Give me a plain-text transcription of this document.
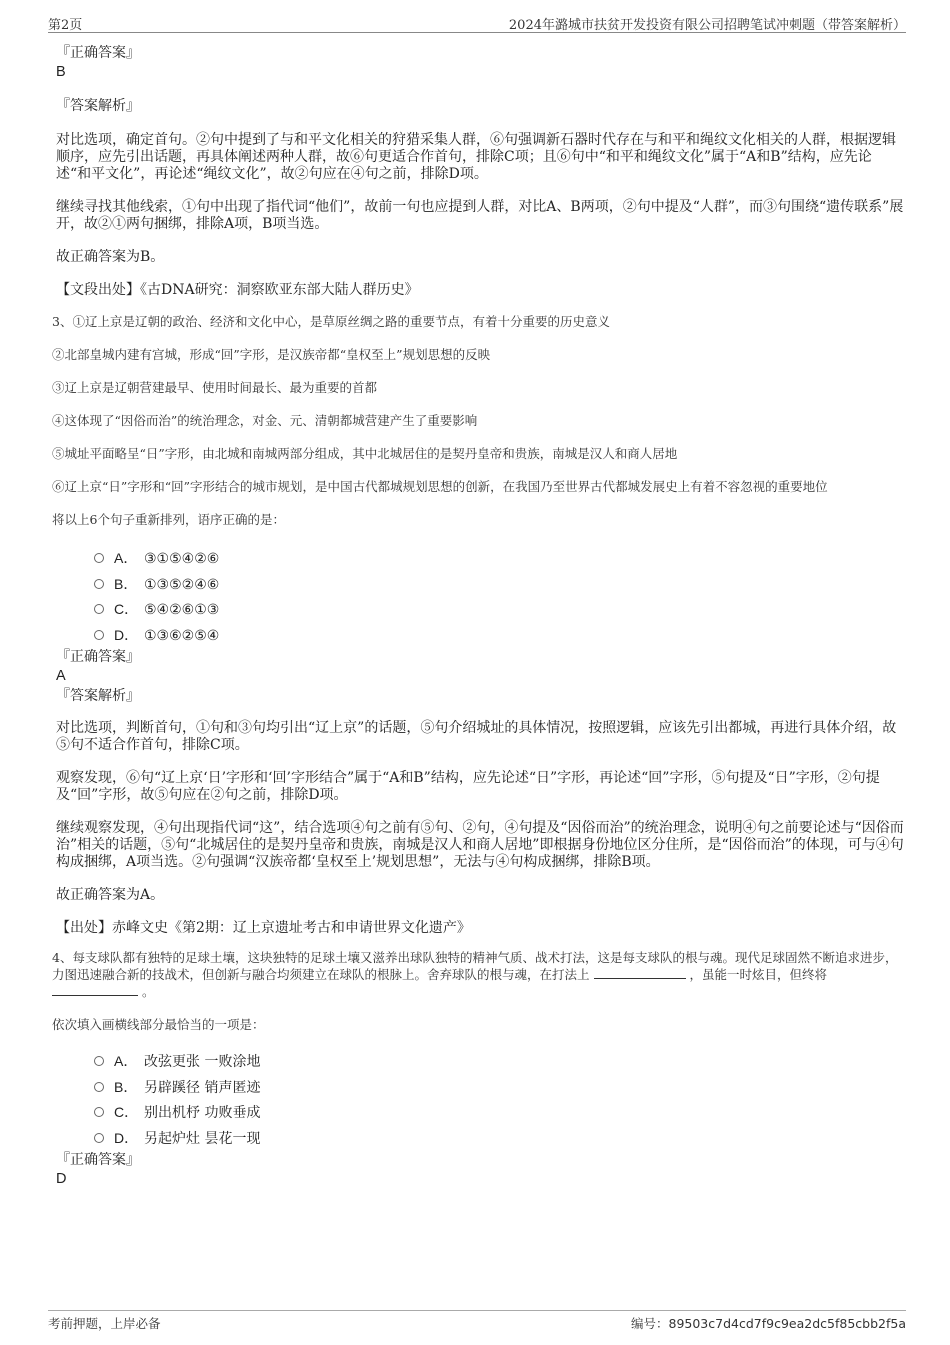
第2页	2024年潞城市扶贫开发投资有限公司招聘笔试冲刺题（带答案解析）

『正确答案』

B

『答案解析』

对比选项，确定首句。②句中提到了与和平文化相关的狩猎采集人群，⑥句强调新石器时代存在与和平和绳纹文化相关的人群，根据逻辑顺序，应先引出话题，再具体阐述两种人群，故⑥句更适合作首句，排除C项；且⑥句中“和平和绳纹文化”属于“A和B”结构，应先论述“和平文化”，再论述“绳纹文化”，故②句应在④句之前，排除D项。

继续寻找其他线索，①句中出现了指代词“他们”，故前一句也应提到人群，对比A、B两项，②句中提及“人群”，而③句围绕“遗传联系”展开，故②①两句捆绑，排除A项，B项当选。

故正确答案为B。

【文段出处】《古DNA研究：洞察欧亚东部大陆人群历史》

3、①辽上京是辽朝的政治、经济和文化中心，是草原丝绸之路的重要节点，有着十分重要的历史意义

②北部皇城内建有宫城，形成“回”字形，是汉族帝都“皇权至上”规划思想的反映

③辽上京是辽朝营建最早、使用时间最长、最为重要的首都

④这体现了“因俗而治”的统治理念，对金、元、清朝都城营建产生了重要影响

⑤城址平面略呈“日”字形，由北城和南城两部分组成，其中北城居住的是契丹皇帝和贵族，南城是汉人和商人居地

⑥辽上京“日”字形和“回”字形结合的城市规划，是中国古代都城规划思想的创新，在我国乃至世界古代都城发展史上有着不容忽视的重要地位

将以上6个句子重新排列，语序正确的是：

A． ③①⑤④②⑥
B． ①③⑤②④⑥
C． ⑤④②⑥①③
D． ①③⑥②⑤④

『正确答案』

A

『答案解析』

对比选项，判断首句，①句和③句均引出“辽上京”的话题，⑤句介绍城址的具体情况，按照逻辑，应该先引出都城，再进行具体介绍，故⑤句不适合作首句，排除C项。

观察发现，⑥句“辽上京‘日’字形和‘回’字形结合”属于“A和B”结构，应先论述“日”字形，再论述“回”字形，⑤句提及“日”字形，②句提及“回”字形，故⑤句应在②句之前，排除D项。

继续观察发现，④句出现指代词“这”，结合选项④句之前有⑤句、②句，④句提及“因俗而治”的统治理念，说明④句之前要论述与“因俗而治”相关的话题，⑤句“北城居住的是契丹皇帝和贵族，南城是汉人和商人居地”即根据身份地位区分住所，是“因俗而治”的体现，可与④句构成捆绑，A项当选。②句强调“汉族帝都‘皇权至上’规划思想”，无法与④句构成捆绑，排除B项。

故正确答案为A。

【出处】赤峰文史《第2期：辽上京遗址考古和申请世界文化遗产》

4、每支球队都有独特的足球土壤，这块独特的足球土壤又滋养出球队独特的精神气质、战术打法，这是每支球队的根与魂。现代足球固然不断追求进步，力图迅速融合新的技战术，但创新与融合均须建立在球队的根脉上。舍弃球队的根与魂，在打法上	，虽能一时炫目，但终将  。

依次填入画横线部分最恰当的一项是：

A． 改弦更张 一败涂地
B． 另辟蹊径 销声匿迹
C． 别出机杼 功败垂成
D． 另起炉灶 昙花一现

『正确答案』

D

考前押题，上岸必备	编号：89503c7d4cd7f9c9ea2dc5f85cbb2f5a
